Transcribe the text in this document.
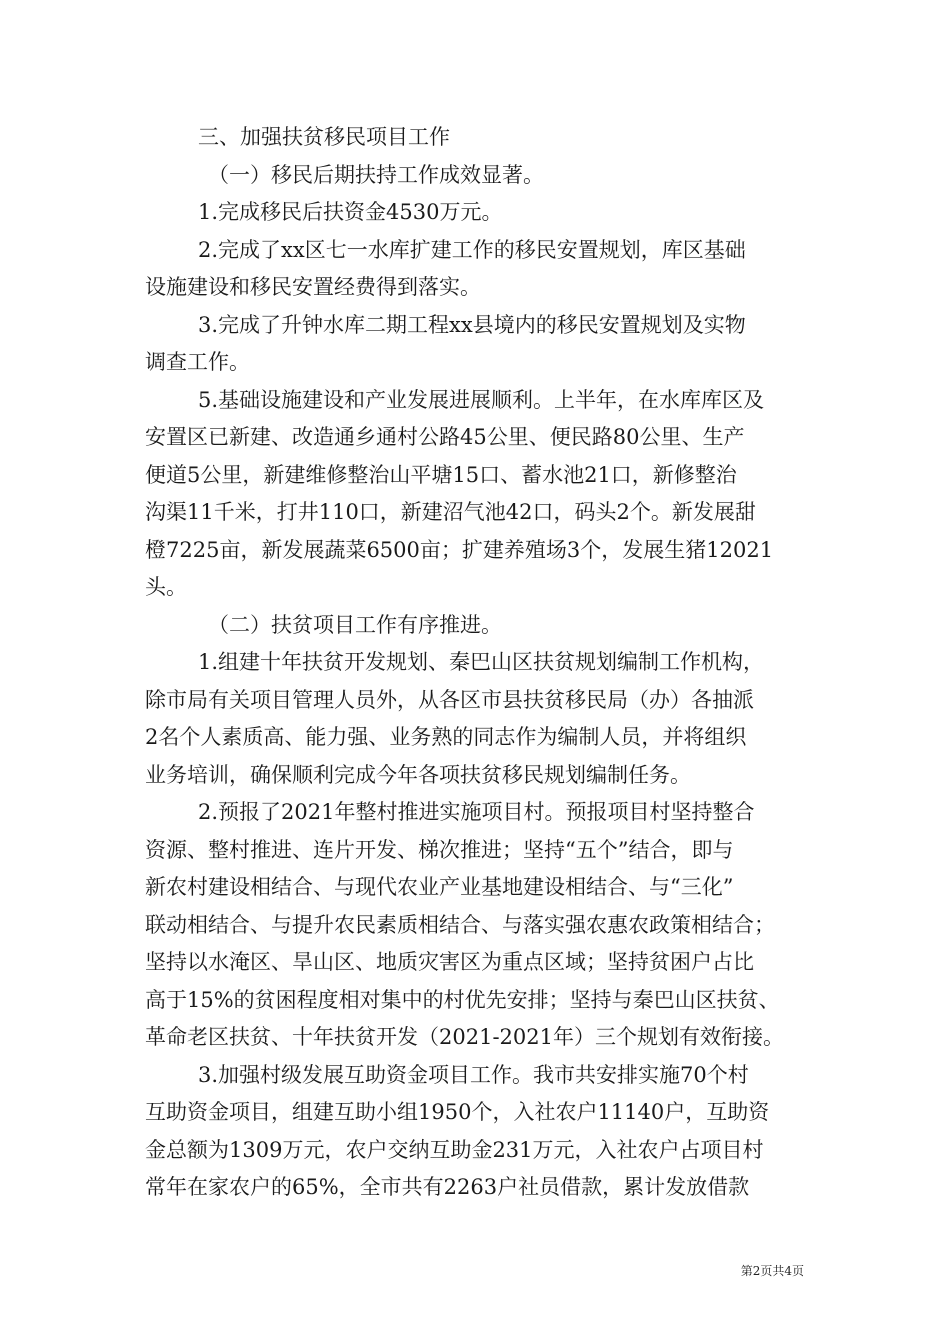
三、加强扶贫移民项目工作

（一）移民后期扶持工作成效显著。

1.完成移民后扶资金4530万元。

2.完成了xx区七一水库扩建工作的移民安置规划，库区基础

设施建设和移民安置经费得到落实。

3.完成了升钟水库二期工程xx县境内的移民安置规划及实物

调查工作。

5.基础设施建设和产业发展进展顺利。上半年，在水库库区及

安置区已新建、改造通乡通村公路45公里、便民路80公里、生产

便道5公里，新建维修整治山平塘15口、蓄水池21口，新修整治

沟渠11千米，打井110口，新建沼气池42口，码头2个。新发展甜

橙7225亩，新发展蔬菜6500亩；扩建养殖场3个，发展生猪12021

头。

（二）扶贫项目工作有序推进。

1.组建十年扶贫开发规划、秦巴山区扶贫规划编制工作机构，

除市局有关项目管理人员外，从各区市县扶贫移民局（办）各抽派

2名个人素质高、能力强、业务熟的同志作为编制人员，并将组织

业务培训，确保顺利完成今年各项扶贫移民规划编制任务。

2.预报了2021年整村推进实施项目村。预报项目村坚持整合

资源、整村推进、连片开发、梯次推进；坚持“五个”结合，即与

新农村建设相结合、与现代农业产业基地建设相结合、与“三化”

联动相结合、与提升农民素质相结合、与落实强农惠农政策相结合；

坚持以水淹区、旱山区、地质灾害区为重点区域；坚持贫困户占比

高于15%的贫困程度相对集中的村优先安排；坚持与秦巴山区扶贫、

革命老区扶贫、十年扶贫开发（2021-2021年）三个规划有效衔接。

3.加强村级发展互助资金项目工作。我市共安排实施70个村

互助资金项目，组建互助小组1950个，入社农户11140户，互助资

金总额为1309万元，农户交纳互助金231万元，入社农户占项目村

常年在家农户的65%，全市共有2263户社员借款，累计发放借款

第2页共4页
